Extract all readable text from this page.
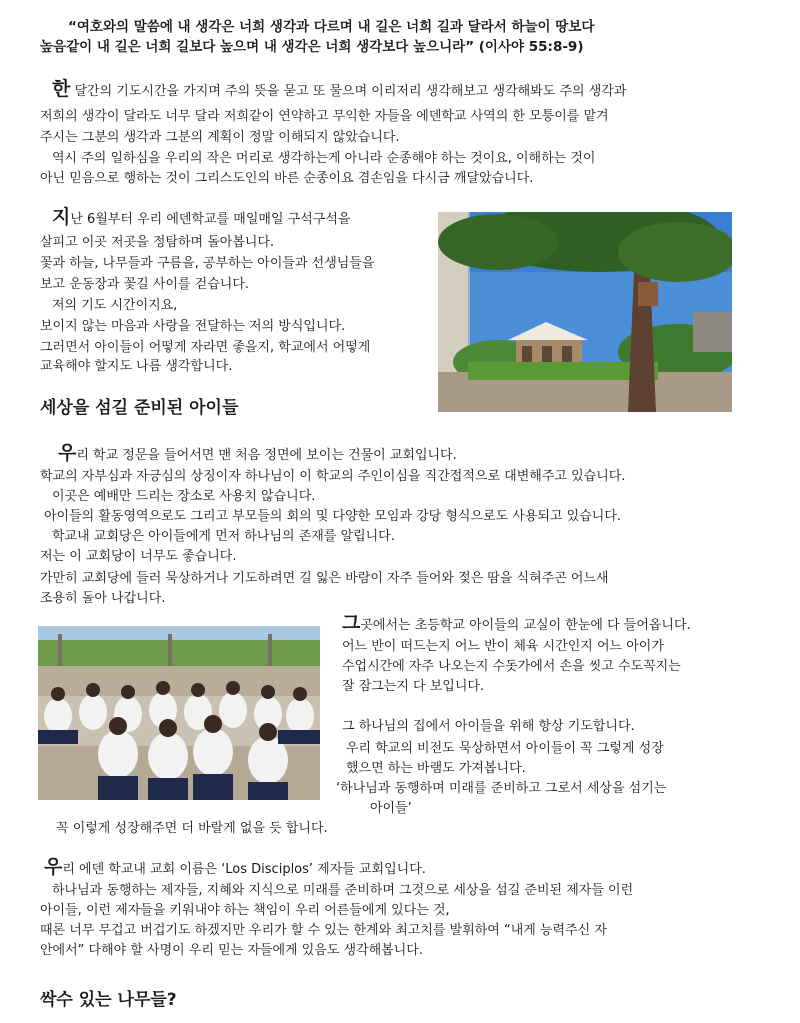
“여호와의 말씀에 내 생각은 너희 생각과 다르며 내 길은 너희 길과 달라서 하늘이 땅보다
높음같이 내 길은 너희 길보다 높으며 내 생각은 너희 생각보다 높으니라” (이사야 55:8-9)
한 달간의 기도시간을 가지며 주의 뜻을 묻고 또 물으며 이리저리 생각해보고 생각해봐도 주의 생각과
저희의 생각이 달라도 너무 달라 저희같이 연약하고 무익한 자들을 에덴학교 사역의 한 모퉁이를 맡겨
주시는 그분의 생각과 그분의 계획이 정말 이해되지 않았습니다.
역시 주의 일하심을 우리의 작은 머리로 생각하는게 아니라 순종해야 하는 것이요, 이해하는 것이
아닌 믿음으로 행하는 것이 그리스도인의 바른 순종이요 겸손임을 다시금 깨달았습니다.
지난 6월부터 우리 에덴학교를 매일매일 구석구석을
살피고 이곳 저곳을 정탐하며 돌아봅니다.
꽃과 하늘, 나무들과 구름을, 공부하는 아이들과 선생님들을
보고 운동장과 꽃길 사이를 걷습니다.
저의 기도 시간이지요,
보이지 않는 마음과 사랑을 전달하는 저의 방식입니다.
그러면서 아이들이 어떻게 자라면 좋을지, 학교에서 어떻게
교육해야 할지도 나름 생각합니다.
세상을 섬길 준비된 아이들
우리 학교 정문을 들어서면 맨 처음 정면에 보이는 건물이 교회입니다.
학교의 자부심과 자긍심의 상징이자 하나님이 이 학교의 주인이심을 직간접적으로 대변해주고 있습니다.
이곳은 예배만 드리는 장소로 사용치 않습니다.
아이들의 활동영역으로도 그리고 부모들의 회의 및 다양한 모임과 강당 형식으로도 사용되고 있습니다.
학교내 교회당은 아이들에게 먼저 하나님의 존재를 알립니다.
저는 이 교회당이 너무도 좋습니다.
가만히 교회당에 들러 묵상하거나 기도하려면 길 잃은 바람이 자주 들어와 젖은 땀을 식혀주곤 어느새
조용히 돌아 나갑니다.
그곳에서는 초등학교 아이들의 교실이 한눈에 다 들어옵니다.
어느 반이 떠드는지 어느 반이 체육 시간인지 어느 아이가
수업시간에 자주 나오는지 수돗가에서 손을 씻고 수도꼭지는
잘 잠그는지 다 보입니다.
그 하나님의 집에서 아이들을 위해 항상 기도합니다.
우리 학교의 비전도 묵상하면서 아이들이 꼭 그렇게 성장
했으면 하는 바램도 가져봅니다.
‘하나님과 동행하며 미래를 준비하고 그로서 세상을 섬기는
아이들’
꼭 이렇게 성장해주면 더 바랄게 없을 듯 합니다.
우리 에덴 학교내 교회 이름은 ‘Los Disciplos’ 제자들 교회입니다.
하나님과 동행하는 제자들, 지혜와 지식으로 미래를 준비하며 그것으로 세상을 섬길 준비된 제자들 이런
아이들, 이런 제자들을 키워내야 하는 책임이 우리 어른들에게 있다는 것,
때론 너무 무겁고 버겁기도 하겠지만 우리가 할 수 있는 한계와 최고치를 발휘하여 “내게 능력주신 자
안에서” 다해야 할 사명이 우리 믿는 자들에게 있음도 생각해봅니다.
싹수 있는 나무들?
